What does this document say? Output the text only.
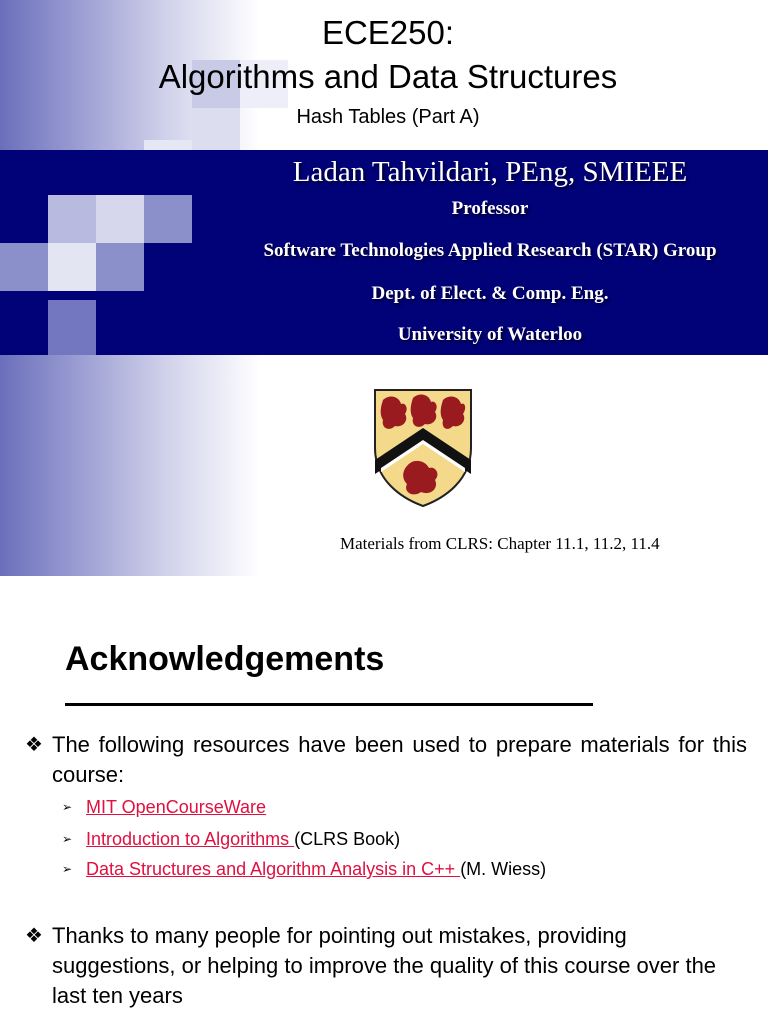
ECE250:
Algorithms and Data Structures
Hash Tables (Part A)
Ladan Tahvildari, PEng, SMIEEE
Professor
Software Technologies Applied Research (STAR) Group
Dept. of Elect. & Comp. Eng.
University of Waterloo
Materials from CLRS: Chapter 11.1, 11.2, 11.4
Acknowledgements
❖ The following resources have been used to prepare materials for this course:
➢ MIT OpenCourseWare
➢ Introduction to Algorithms (CLRS Book)
➢ Data Structures and Algorithm Analysis in C++ (M. Wiess)
❖ Thanks to many people for pointing out mistakes, providing suggestions, or helping to improve the quality of this course over the last ten years
